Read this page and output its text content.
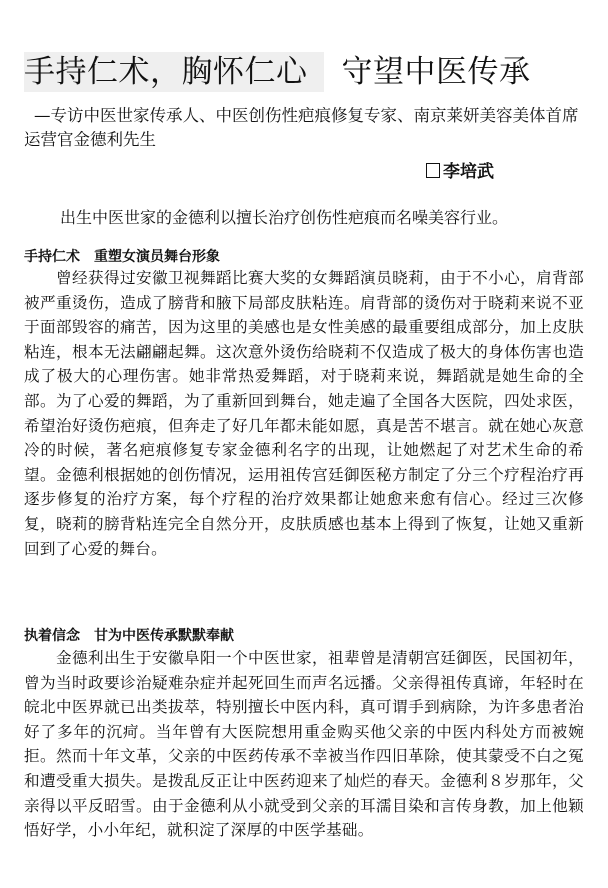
手持仁术，胸怀仁心 守望中医传承
—专访中医世家传承人、中医创伤性疤痕修复专家、南京莱妍美容美体首席运营官金德利先生
李培武
出生中医世家的金德利以擅长治疗创伤性疤痕而名噪美容行业。
手持仁术 重塑女演员舞台形象
曾经获得过安徽卫视舞蹈比赛大奖的女舞蹈演员晓莉，由于不小心，肩背部被严重烫伤，造成了膀背和腋下局部皮肤粘连。肩背部的烫伤对于晓莉来说不亚于面部毁容的痛苦，因为这里的美感也是女性美感的最重要组成部分，加上皮肤粘连，根本无法翩翩起舞。这次意外烫伤给晓莉不仅造成了极大的身体伤害也造成了极大的心理伤害。她非常热爱舞蹈，对于晓莉来说，舞蹈就是她生命的全部。为了心爱的舞蹈，为了重新回到舞台，她走遍了全国各大医院，四处求医，希望治好烫伤疤痕，但奔走了好几年都未能如愿，真是苦不堪言。就在她心灰意冷的时候，著名疤痕修复专家金德利名字的出现，让她燃起了对艺术生命的希望。金德利根据她的创伤情况，运用祖传宫廷御医秘方制定了分三个疗程治疗再逐步修复的治疗方案，每个疗程的治疗效果都让她愈来愈有信心。经过三次修复，晓莉的膀背粘连完全自然分开，皮肤质感也基本上得到了恢复，让她又重新回到了心爱的舞台。
执着信念 甘为中医传承默默奉献
金德利出生于安徽阜阳一个中医世家，祖辈曾是清朝宫廷御医，民国初年，曾为当时政要诊治疑难杂症并起死回生而声名远播。父亲得祖传真谛，年轻时在皖北中医界就已出类拔萃，特别擅长中医内科，真可谓手到病除，为许多患者治好了多年的沉疴。当年曾有大医院想用重金购买他父亲的中医内科处方而被婉拒。然而十年文革，父亲的中医药传承不幸被当作四旧革除，使其蒙受不白之冤和遭受重大损失。是拨乱反正让中医药迎来了灿烂的春天。金德利８岁那年，父亲得以平反昭雪。由于金德利从小就受到父亲的耳濡目染和言传身教，加上他颖悟好学，小小年纪，就积淀了深厚的中医学基础。
